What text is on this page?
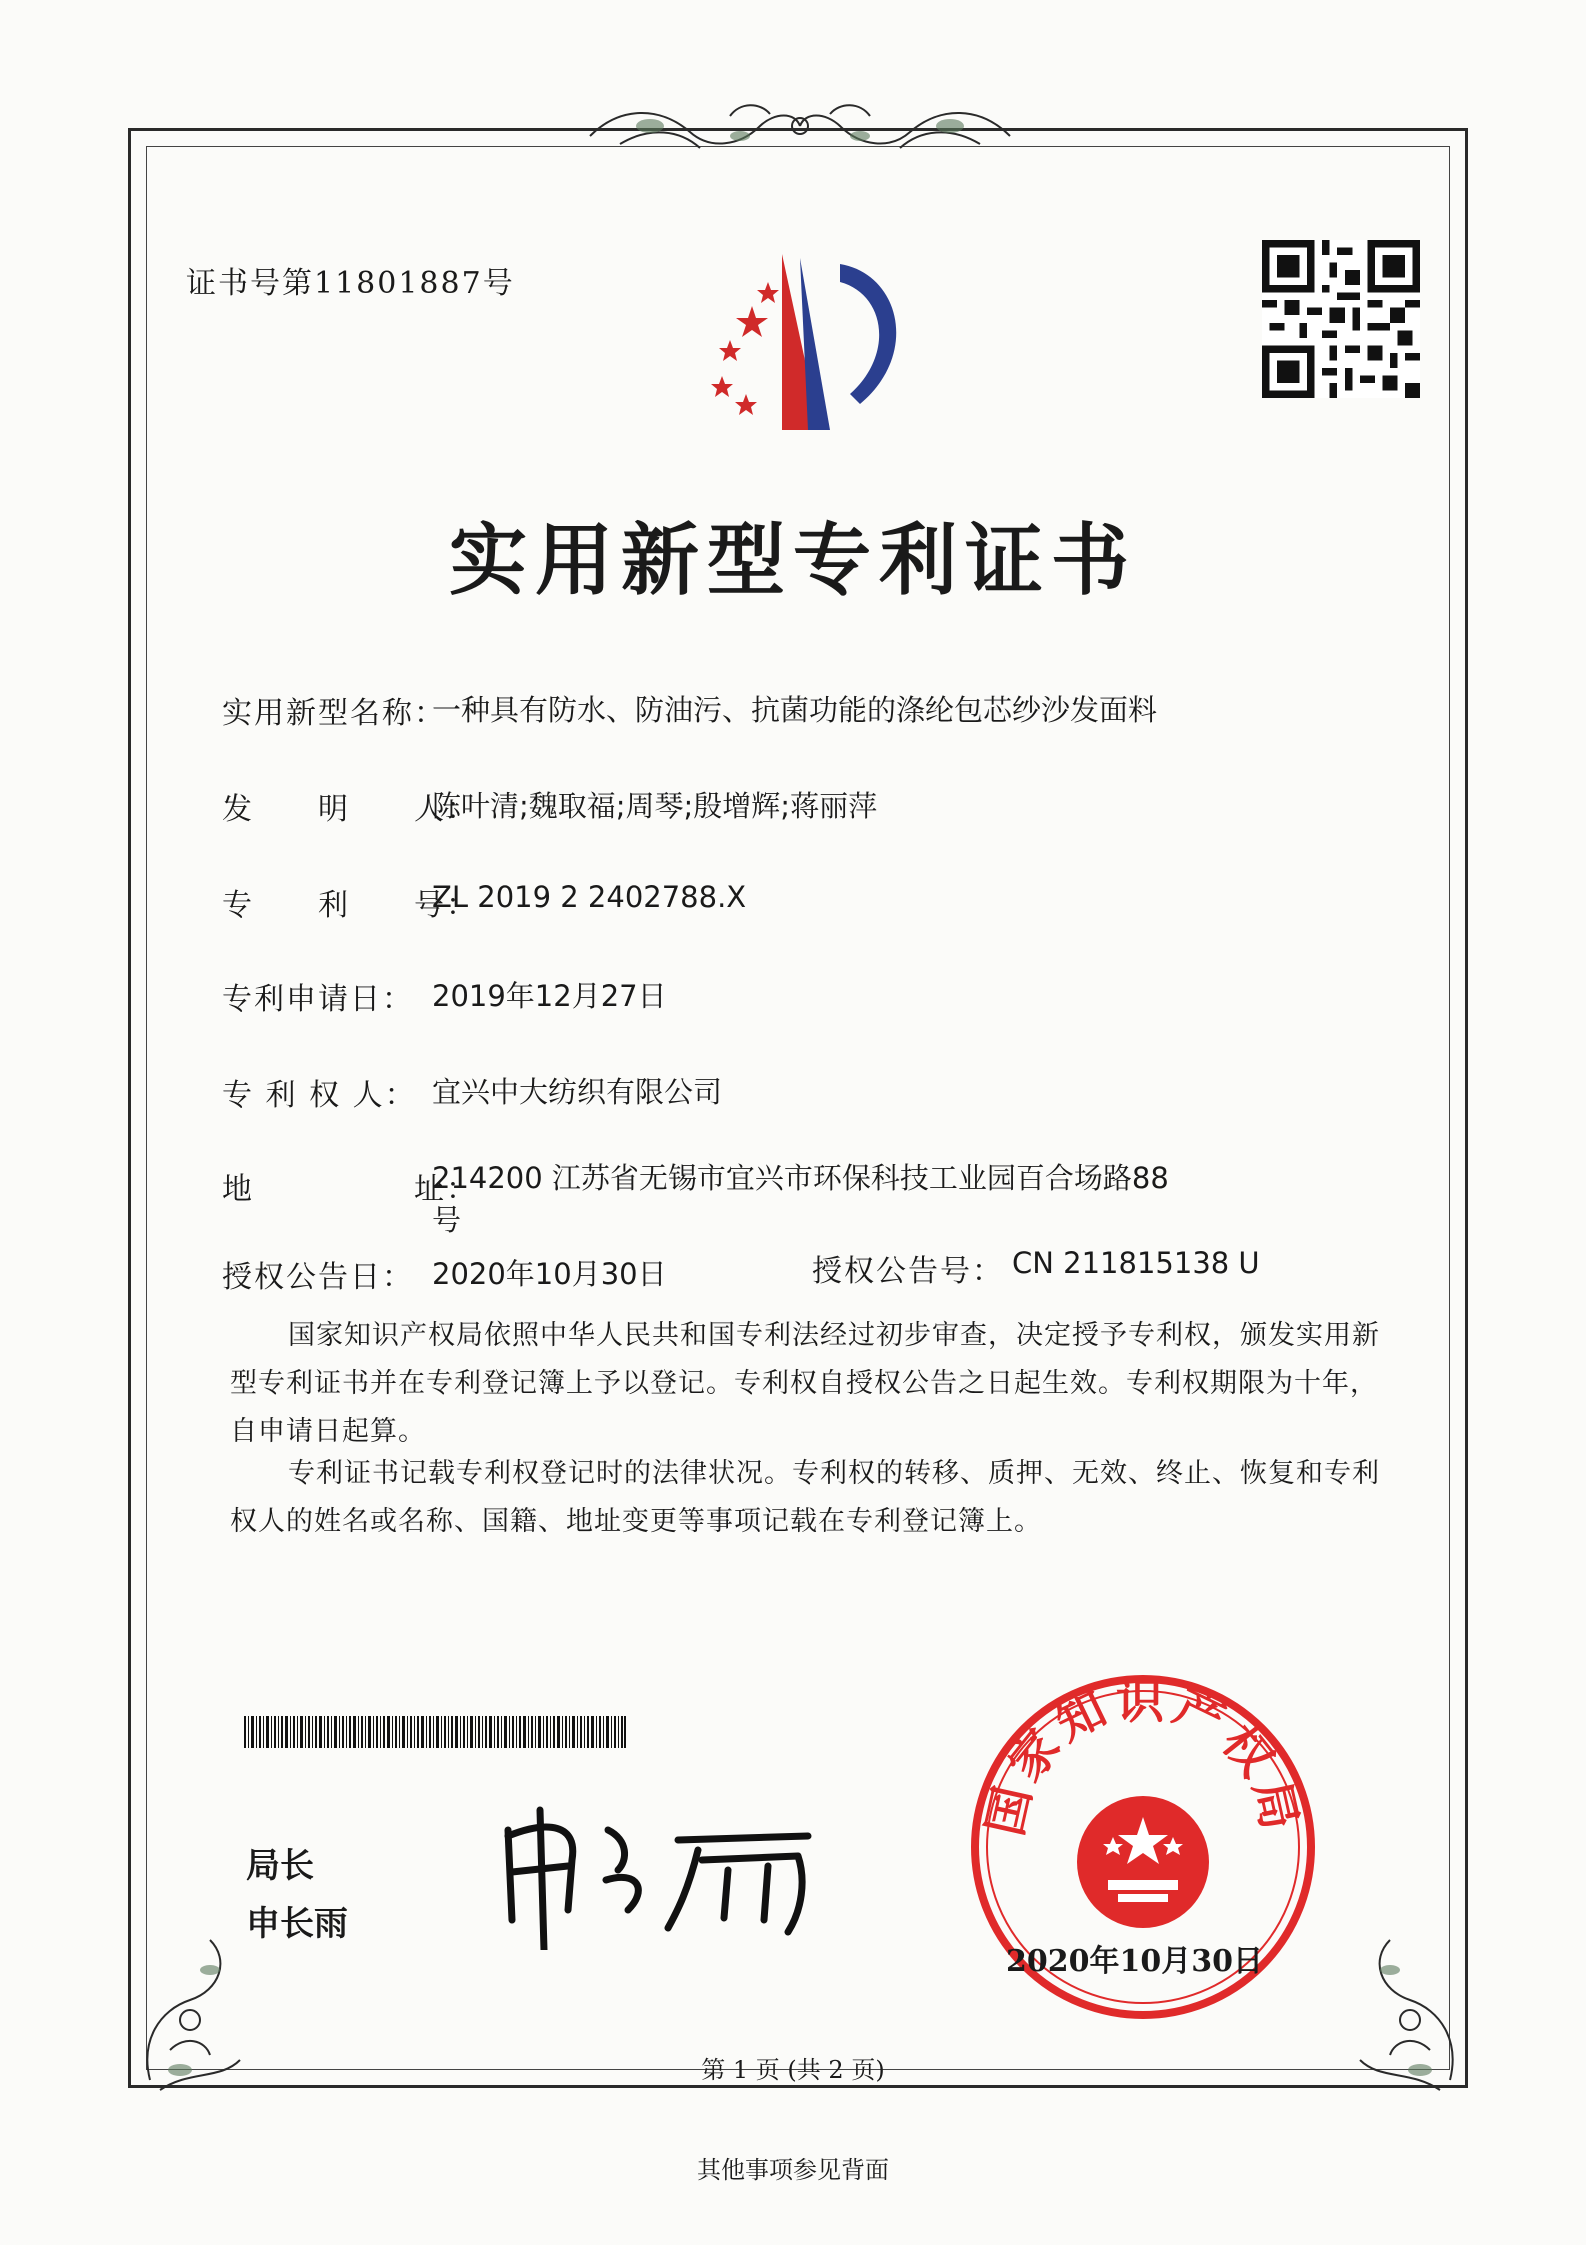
证书号第11801887号
实用新型专利证书
实用新型名称：
一种具有防水、防油污、抗菌功能的涤纶包芯纱沙发面料
发　　明　　人：
陈叶清;魏取福;周琴;殷增辉;蒋丽萍
专　　利　　号：
ZL 2019 2 2402788.X
专利申请日： 2019年12月27日
专 利 权 人： 宜兴中大纺织有限公司
地　　　　　址：
214200 江苏省无锡市宜兴市环保科技工业园百合场路88
号
授权公告日： 2020年10月30日	授权公告号： CN 211815138 U
国家知识产权局依照中华人民共和国专利法经过初步审查，决定授予专利权，颁发实用新型专利证书并在专利登记簿上予以登记。专利权自授权公告之日起生效。专利权期限为十年，自申请日起算。
专利证书记载专利权登记时的法律状况。专利权的转移、质押、无效、终止、恢复和专利权人的姓名或名称、国籍、地址变更等事项记载在专利登记簿上。
局长
申长雨
国家知识产权局
2020年10月30日
第 1 页 (共 2 页)
其他事项参见背面
